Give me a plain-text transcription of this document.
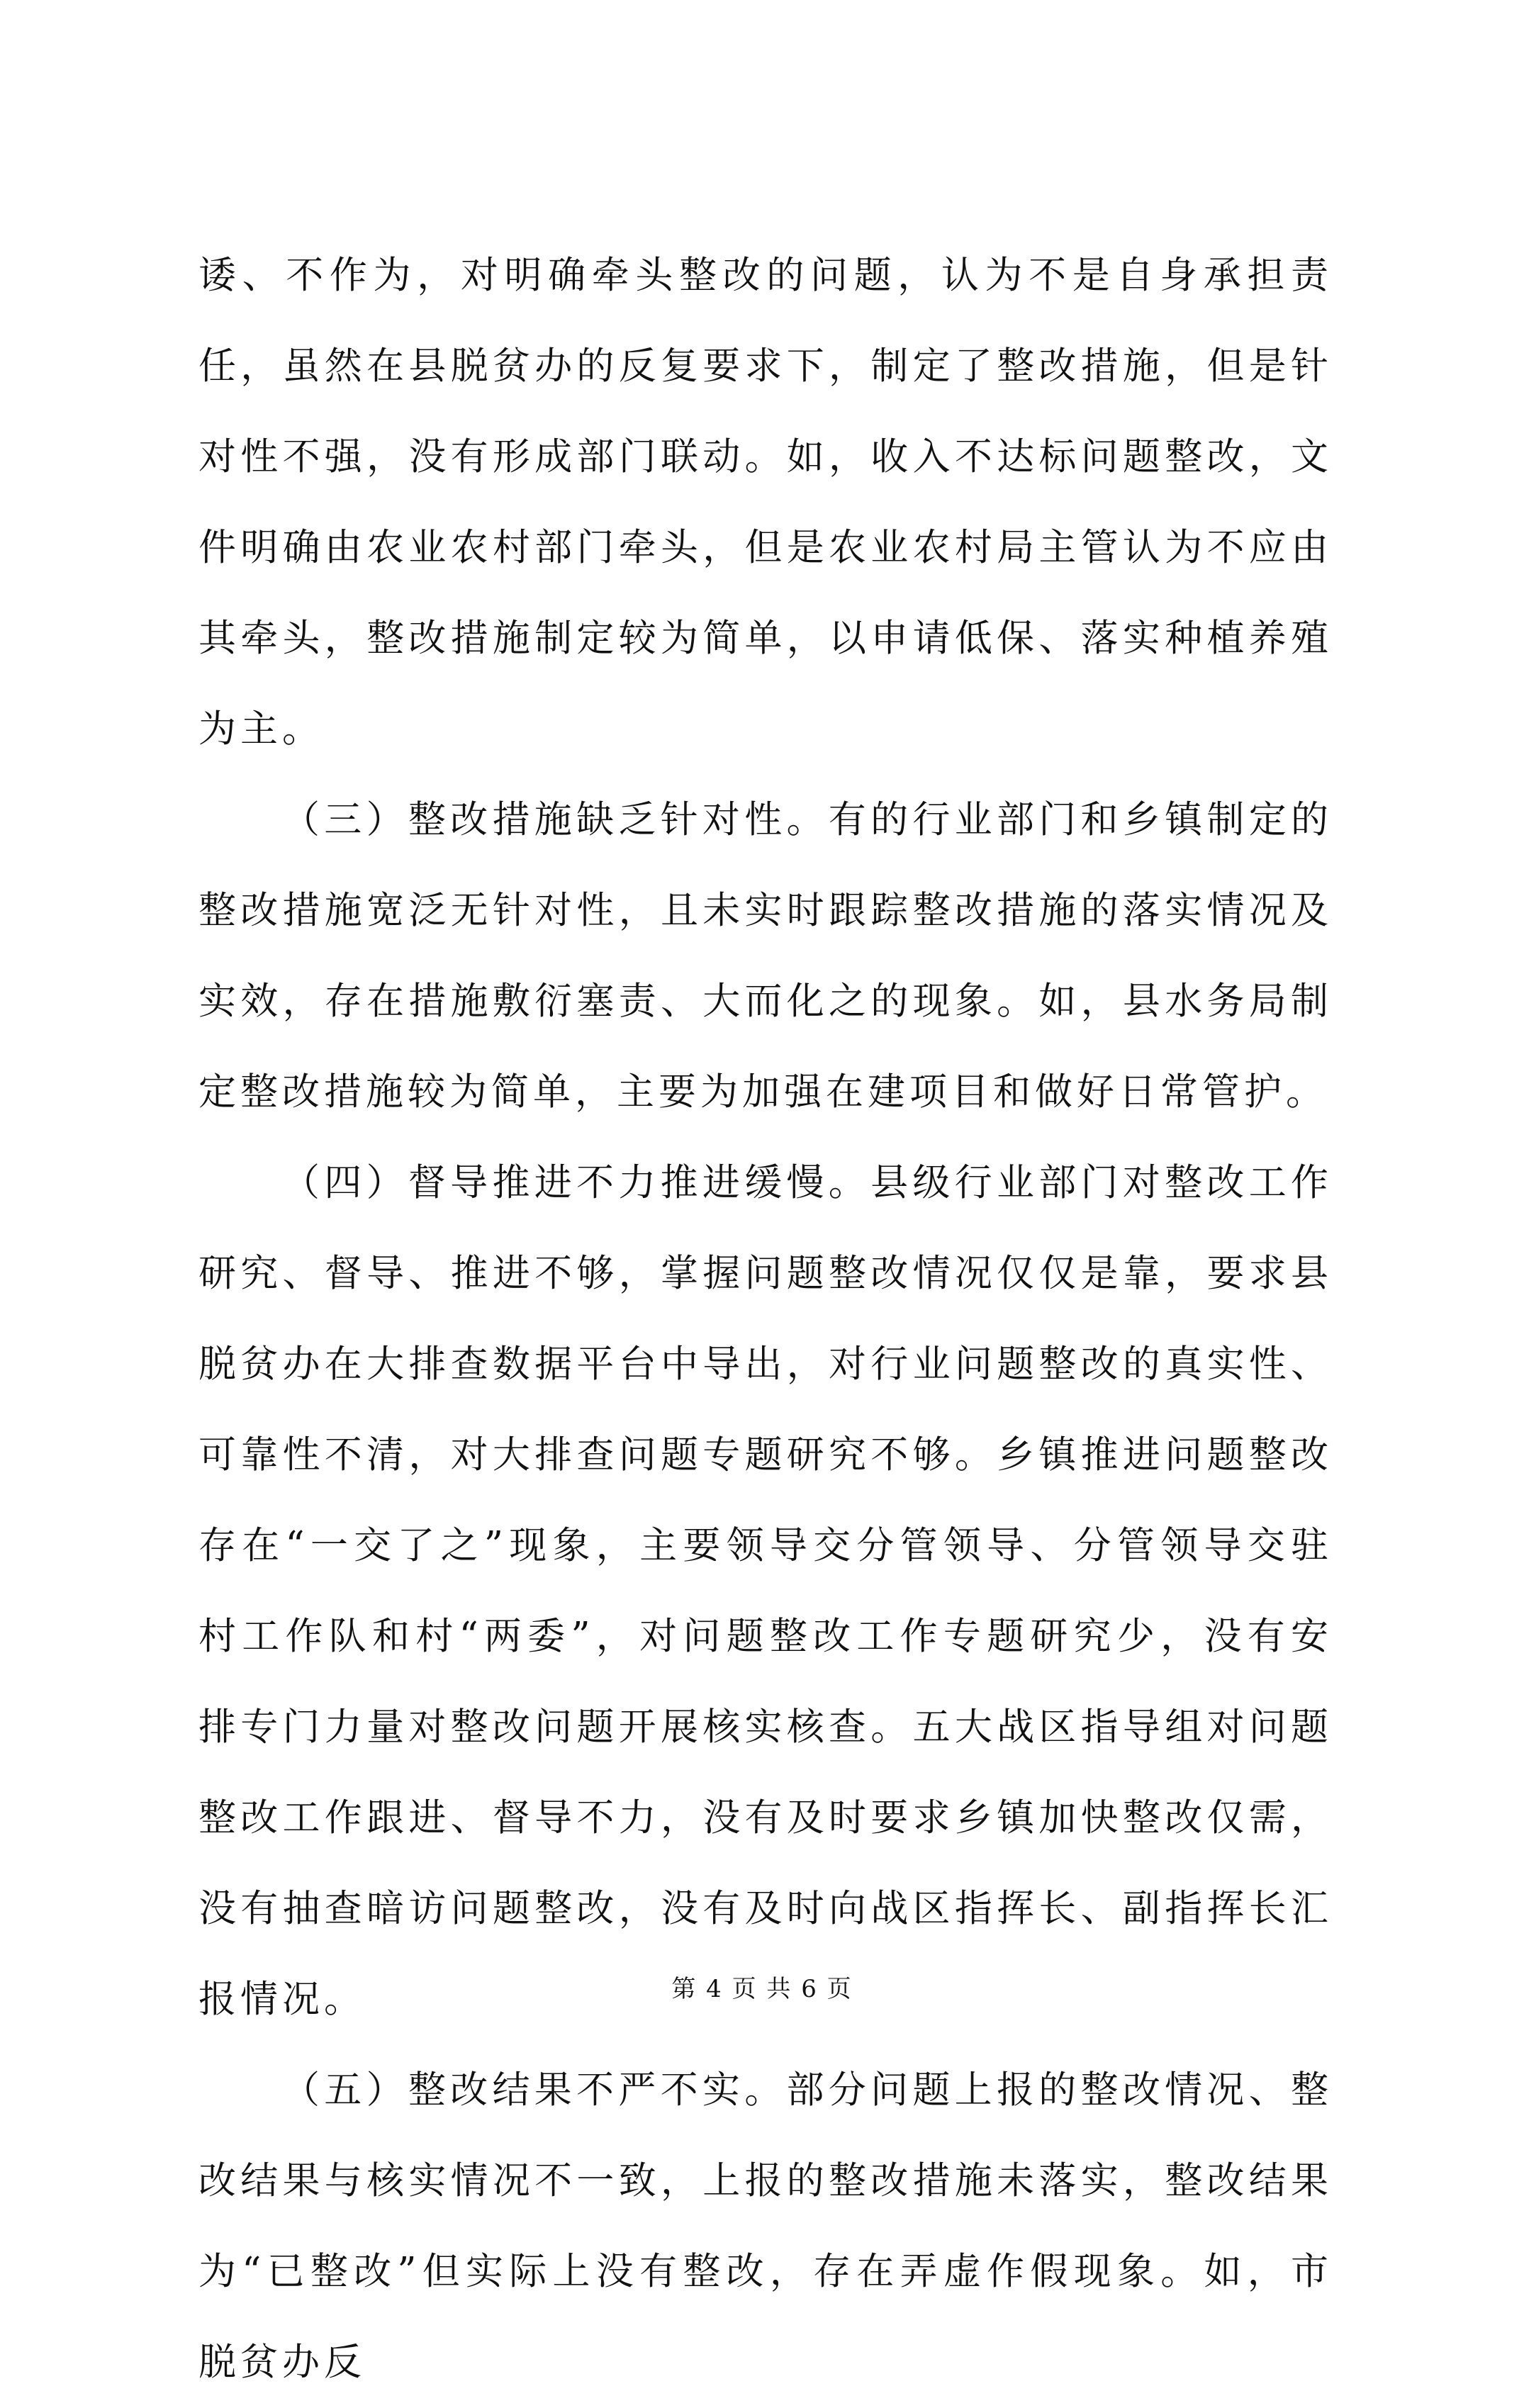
诿、不作为，对明确牵头整改的问题，认为不是自身承担责任，虽然在县脱贫办的反复要求下，制定了整改措施，但是针对性不强，没有形成部门联动。如，收入不达标问题整改，文件明确由农业农村部门牵头，但是农业农村局主管认为不应由其牵头，整改措施制定较为简单，以申请低保、落实种植养殖为主。

（三）整改措施缺乏针对性。有的行业部门和乡镇制定的整改措施宽泛无针对性，且未实时跟踪整改措施的落实情况及实效，存在措施敷衍塞责、大而化之的现象。如，县水务局制定整改措施较为简单，主要为加强在建项目和做好日常管护。

（四）督导推进不力推进缓慢。县级行业部门对整改工作研究、督导、推进不够，掌握问题整改情况仅仅是靠，要求县脱贫办在大排查数据平台中导出，对行业问题整改的真实性、可靠性不清，对大排查问题专题研究不够。乡镇推进问题整改存在“一交了之”现象，主要领导交分管领导、分管领导交驻村工作队和村“两委”，对问题整改工作专题研究少，没有安排专门力量对整改问题开展核实核查。五大战区指导组对问题整改工作跟进、督导不力，没有及时要求乡镇加快整改仅需，没有抽查暗访问题整改，没有及时向战区指挥长、副指挥长汇报情况。

（五）整改结果不严不实。部分问题上报的整改情况、整改结果与核实情况不一致，上报的整改措施未落实，整改结果为“已整改”但实际上没有整改，存在弄虚作假现象。如，市脱贫办反

第 4 页 共 6 页
